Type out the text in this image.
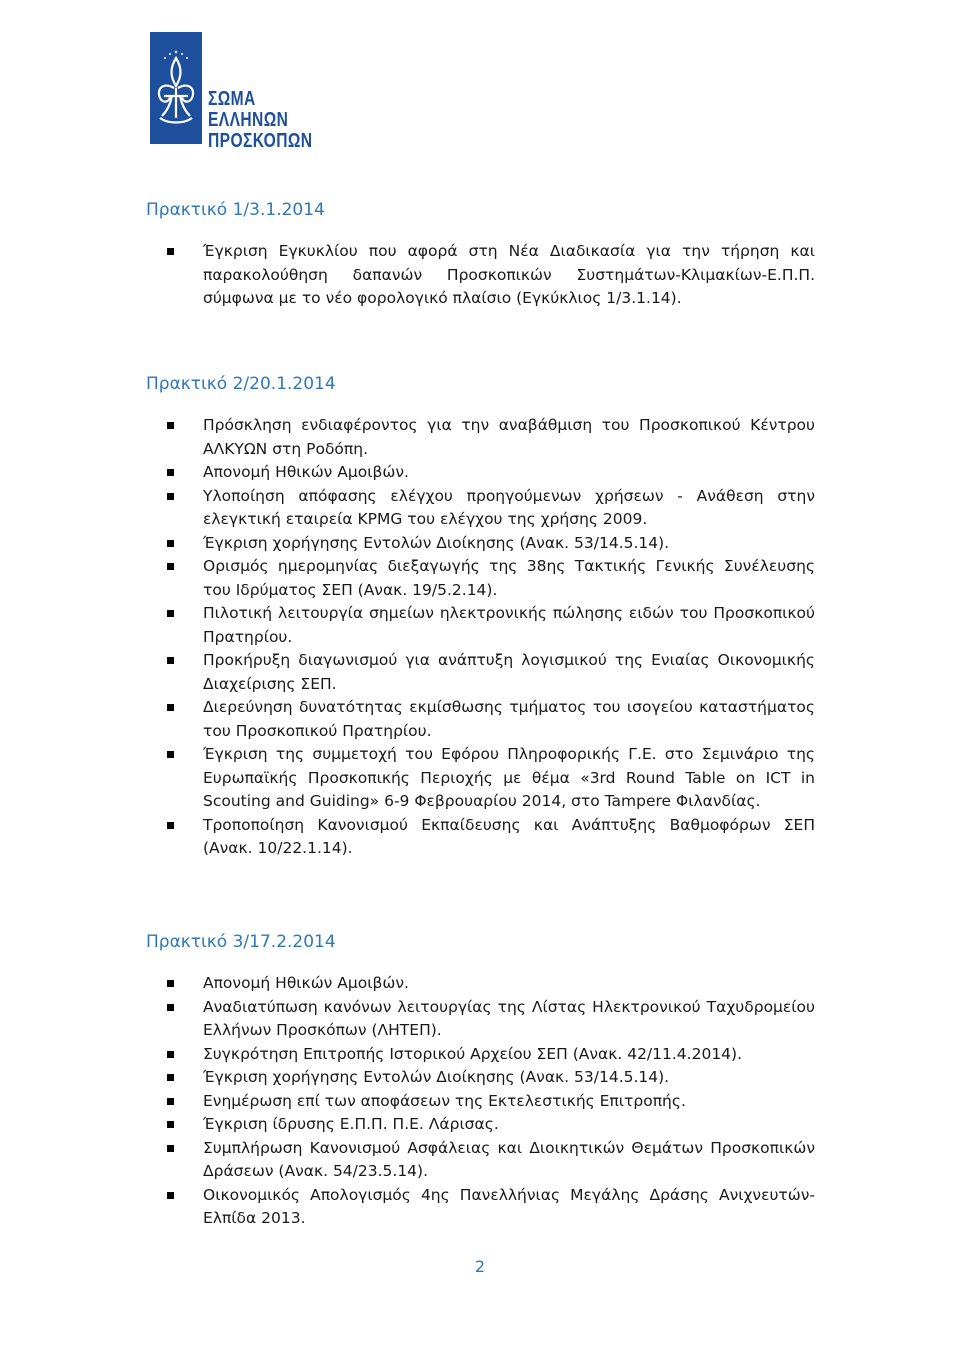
ΣΩΜΑ
ΕΛΛΗΝΩΝ
ΠΡΟΣΚΟΠΩΝ
Πρακτικό 1/3.1.2014
Έγκριση Εγκυκλίου που αφορά στη Νέα Διαδικασία για την τήρηση και παρακολούθηση δαπανών Προσκοπικών Συστημάτων-Κλιμακίων-Ε.Π.Π. σύμφωνα με το νέο φορολογικό πλαίσιο (Εγκύκλιος 1/3.1.14).
Πρακτικό 2/20.1.2014
Πρόσκληση ενδιαφέροντος για την αναβάθμιση του Προσκοπικού Κέντρου ΑΛΚΥΩΝ στη Ροδόπη.
Απονομή Ηθικών Αμοιβών.
Υλοποίηση απόφασης ελέγχου προηγούμενων χρήσεων - Ανάθεση στην ελεγκτική εταιρεία KPMG του ελέγχου της χρήσης 2009.
Έγκριση χορήγησης Εντολών Διοίκησης (Ανακ. 53/14.5.14).
Ορισμός ημερομηνίας διεξαγωγής της 38ης Τακτικής Γενικής Συνέλευσης του Ιδρύματος ΣΕΠ (Ανακ. 19/5.2.14).
Πιλοτική λειτουργία σημείων ηλεκτρονικής πώλησης ειδών του Προσκοπικού Πρατηρίου.
Προκήρυξη διαγωνισμού για ανάπτυξη λογισμικού της Ενιαίας Οικονομικής Διαχείρισης ΣΕΠ.
Διερεύνηση δυνατότητας εκμίσθωσης τμήματος του ισογείου καταστήματος του Προσκοπικού Πρατηρίου.
Έγκριση της συμμετοχή του Εφόρου Πληροφορικής Γ.Ε. στο Σεμινάριο της Ευρωπαϊκής Προσκοπικής Περιοχής με θέμα «3rd Round Table on ICT in Scouting and Guiding» 6-9 Φεβρουαρίου 2014, στο Tampere Φιλανδίας.
Τροποποίηση Κανονισμού Εκπαίδευσης και Ανάπτυξης Βαθμοφόρων ΣΕΠ (Ανακ. 10/22.1.14).
Πρακτικό 3/17.2.2014
Απονομή Ηθικών Αμοιβών.
Αναδιατύπωση κανόνων λειτουργίας της Λίστας Ηλεκτρονικού Ταχυδρομείου Ελλήνων Προσκόπων (ΛΗΤΕΠ).
Συγκρότηση Επιτροπής Ιστορικού Αρχείου ΣΕΠ (Ανακ. 42/11.4.2014).
Έγκριση χορήγησης Εντολών Διοίκησης (Ανακ. 53/14.5.14).
Ενημέρωση επί των αποφάσεων της Εκτελεστικής Επιτροπής.
Έγκριση ίδρυσης Ε.Π.Π. Π.Ε. Λάρισας.
Συμπλήρωση Κανονισμού Ασφάλειας και Διοικητικών Θεμάτων Προσκοπικών Δράσεων (Ανακ. 54/23.5.14).
Οικονομικός Απολογισμός 4ης Πανελλήνιας Μεγάλης Δράσης Ανιχνευτών-Ελπίδα 2013.
2
